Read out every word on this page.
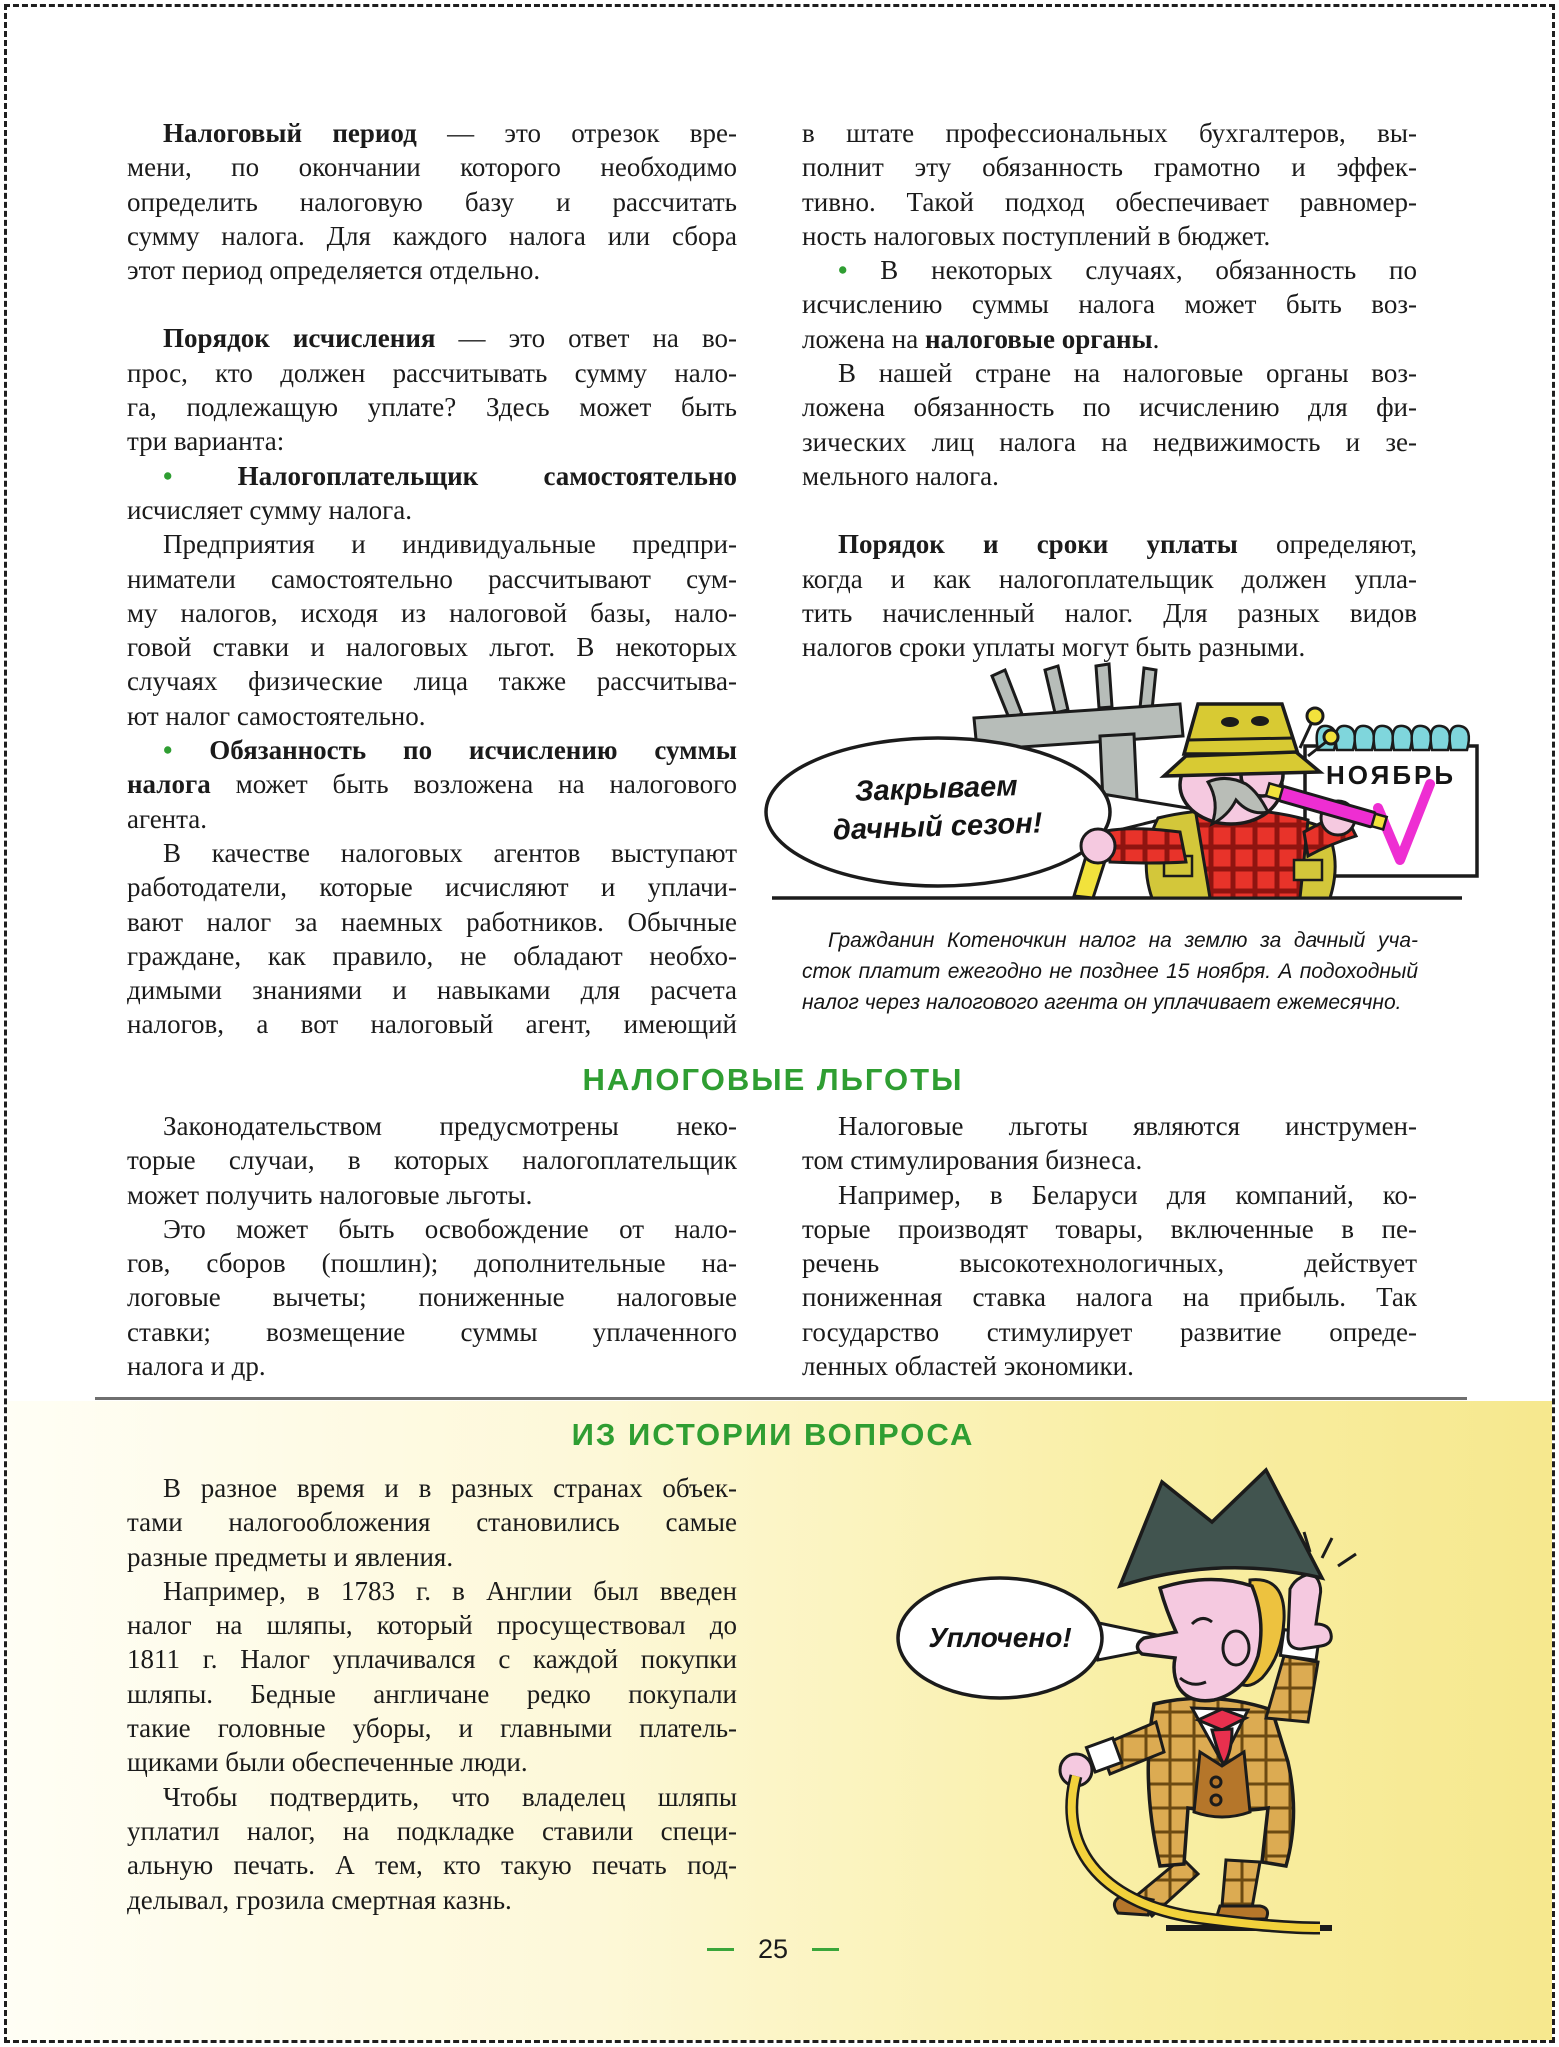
Налоговый период — это отрезок вре-
мени, по окончании которого необходимо
определить налоговую базу и рассчитать
сумму налога. Для каждого налога или сбора
этот период определяется отдельно.
Порядок исчисления — это ответ на во-
прос, кто должен рассчитывать сумму нало-
га, подлежащую уплате? Здесь может быть
три варианта:
• Налогоплательщик самостоятельно
исчисляет сумму налога.
Предприятия и индивидуальные предпри-
ниматели самостоятельно рассчитывают сум-
му налогов, исходя из налоговой базы, нало-
говой ставки и налоговых льгот. В некоторых
случаях физические лица также рассчитыва-
ют налог самостоятельно.
• Обязанность по исчислению суммы
налога может быть возложена на налогового
агента.
В качестве налоговых агентов выступают
работодатели, которые исчисляют и уплачи-
вают налог за наемных работников. Обычные
граждане, как правило, не обладают необхо-
димыми знаниями и навыками для расчета
налогов, а вот налоговый агент, имеющий
в штате профессиональных бухгалтеров, вы-
полнит эту обязанность грамотно и эффек-
тивно. Такой подход обеспечивает равномер-
ность налоговых поступлений в бюджет.
• В некоторых случаях, обязанность по
исчислению суммы налога может быть воз-
ложена на налоговые органы.
В нашей стране на налоговые органы воз-
ложена обязанность по исчислению для фи-
зических лиц налога на недвижимость и зе-
мельного налога.
Порядок и сроки уплаты определяют,
когда и как налогоплательщик должен упла-
тить начисленный налог. Для разных видов
налогов сроки уплаты могут быть разными.
Закрываем
дачный сезон!
НОЯБРЬ
Гражданин Котеночкин налог на землю за дачный уча-
сток платит ежегодно не позднее 15 ноября. А подоходный
налог через налогового агента он уплачивает ежемесячно.
НАЛОГОВЫЕ ЛЬГОТЫ
Законодательством предусмотрены неко-
торые случаи, в которых налогоплательщик
может получить налоговые льготы.
Это может быть освобождение от нало-
гов, сборов (пошлин); дополнительные на-
логовые вычеты; пониженные налоговые
ставки; возмещение суммы уплаченного
налога и др.
Налоговые льготы являются инструмен-
том стимулирования бизнеса.
Например, в Беларуси для компаний, ко-
торые производят товары, включенные в пе-
речень высокотехнологичных, действует
пониженная ставка налога на прибыль. Так
государство стимулирует развитие опреде-
ленных областей экономики.
ИЗ ИСТОРИИ ВОПРОСА
В разное время и в разных странах объек-
тами налогообложения становились самые
разные предметы и явления.
Например, в 1783 г. в Англии был введен
налог на шляпы, который просуществовал до
1811 г. Налог уплачивался с каждой покупки
шляпы. Бедные англичане редко покупали
такие головные уборы, и главными платель-
щиками были обеспеченные люди.
Чтобы подтвердить, что владелец шляпы
уплатил налог, на подкладке ставили специ-
альную печать. А тем, кто такую печать под-
делывал, грозила смертная казнь.
Уплочено!
25
